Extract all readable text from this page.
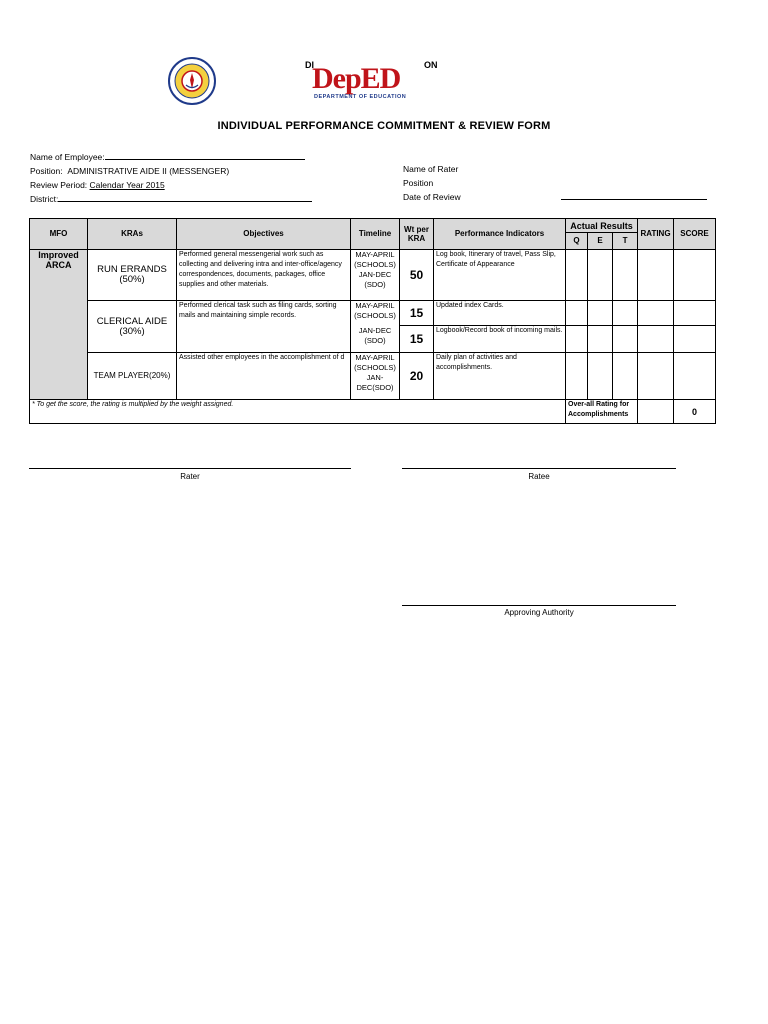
DI	ON
DepED
DEPARTMENT OF EDUCATION
INDIVIDUAL PERFORMANCE COMMITMENT & REVIEW FORM
Name of Employee:
Position: ADMINISTRATIVE AIDE II (MESSENGER)
Review Period: Calendar Year 2015
District:
Name of Rater
Position
Date of Review
MFO	KRAs	Objectives	Timeline	Wt per KRA	Performance Indicators	Actual Results			RATING	SCORE
						Q	E	T		
Improved ARCA	RUN ERRANDS (50%)	Performed general messengerial work such as collecting and delivering intra and inter-office/agency correspondences, documents, packages, office supplies and other materials.	MAY-APRIL (SCHOOLS) JAN-DEC (SDO)	50	Log book, Itinerary of travel, Pass Slip, Certificate of Appearance					
	CLERICAL AIDE (30%)	Performed clerical task such as filing cards, sorting mails and maintaining simple records.	MAY-APRIL (SCHOOLS)	15	Updated index Cards.					
			JAN-DEC (SDO)	15	Logbook/Record book of incoming mails.					
	TEAM PLAYER(20%)	Assisted other employees in the accomplishment of d	MAY-APRIL (SCHOOLS) JAN-DEC(SDO)	20	Daily plan of activities and accomplishments.					
* To get the score, the rating is multiplied by the weight assigned.						Over-all Rating for Accomplishments				0
Rater	Ratee
Approving Authority
